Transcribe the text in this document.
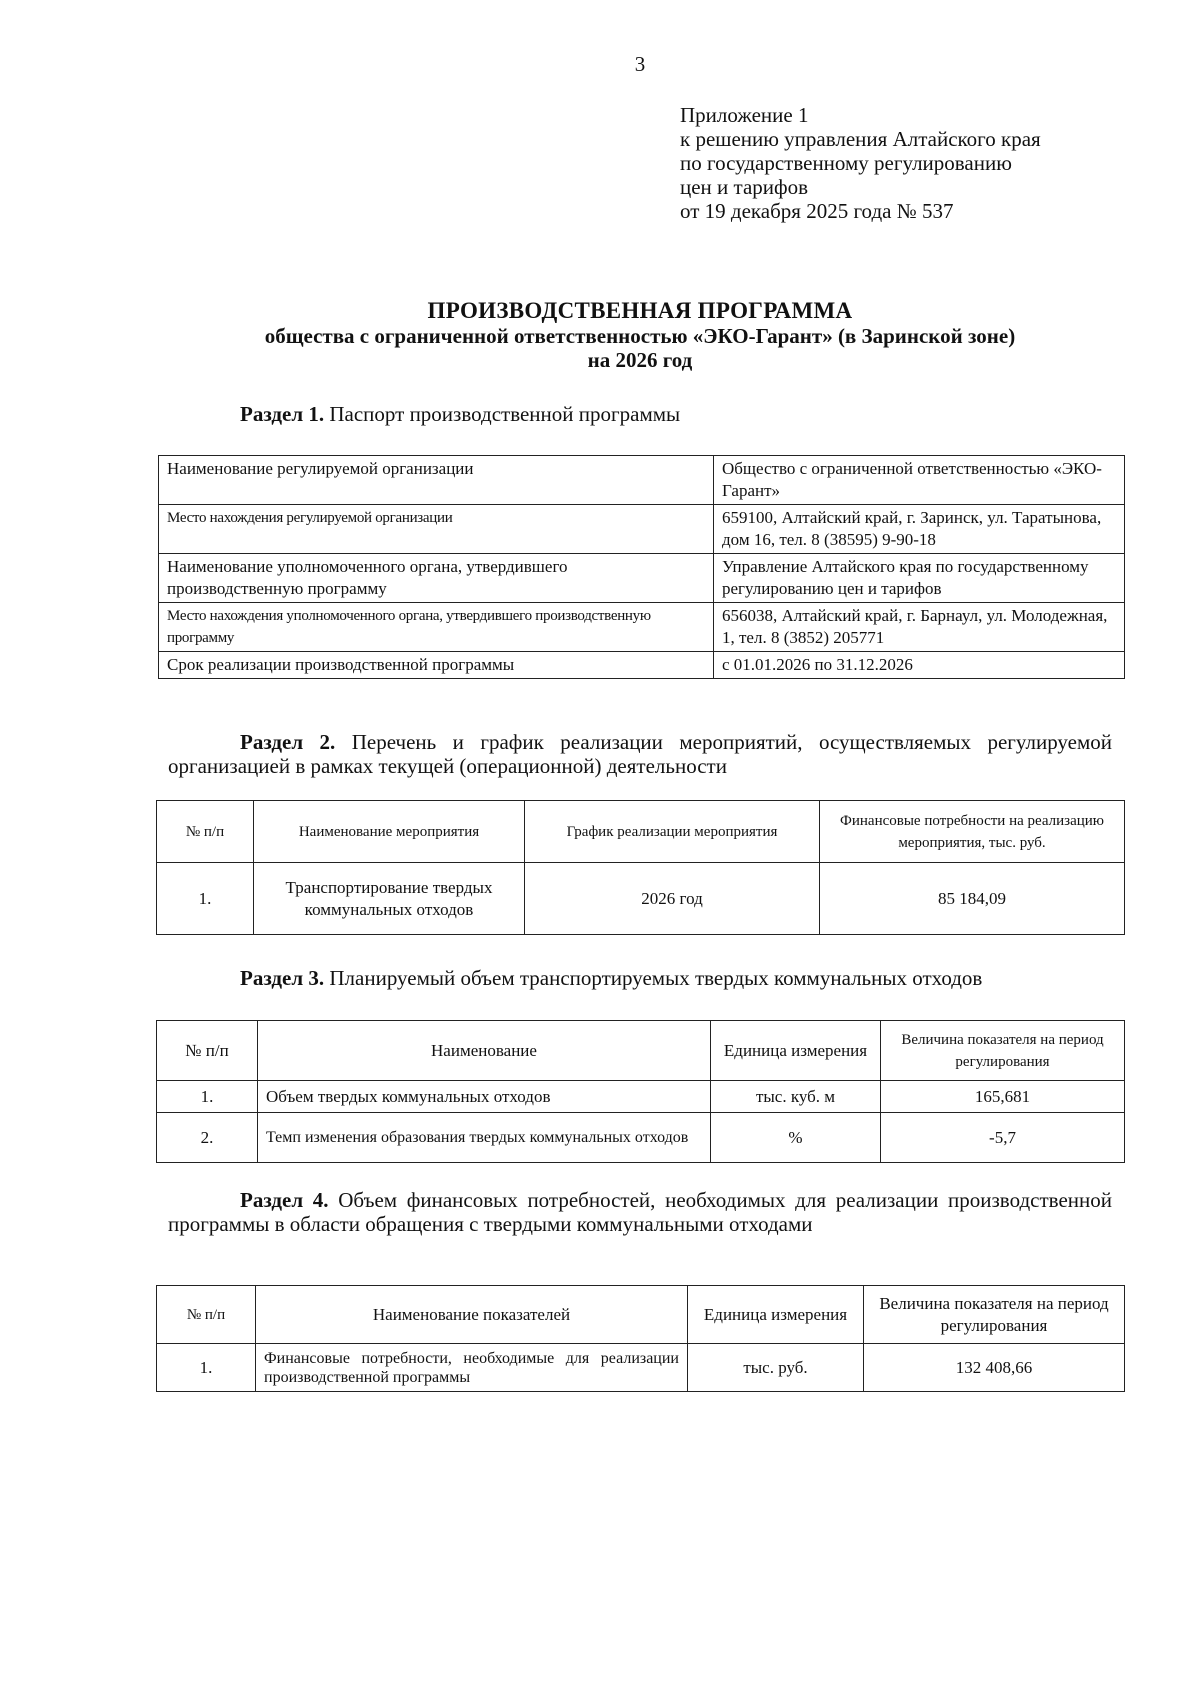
3
Приложение 1
к решению управления Алтайского края
по государственному регулированию
цен и тарифов
от 19 декабря 2025 года № 537
ПРОИЗВОДСТВЕННАЯ ПРОГРАММА
общества с ограниченной ответственностью «ЭКО-Гарант» (в Заринской зоне)
на 2026 год
Раздел 1. Паспорт производственной программы
Наименование регулируемой организации	Общество с ограниченной ответственностью «ЭКО-Гарант»
Место нахождения регулируемой организации	659100, Алтайский край, г. Заринск, ул. Таратынова, дом 16, тел. 8 (38595) 9-90-18
Наименование уполномоченного органа, утвердившего производственную программу	Управление Алтайского края по государственному регулированию цен и тарифов
Место нахождения уполномоченного органа, утвердившего производственную программу	656038, Алтайский край, г. Барнаул, ул. Молодежная, 1, тел. 8 (3852) 205771
Срок реализации производственной программы	с 01.01.2026 по 31.12.2026
Раздел 2. Перечень и график реализации мероприятий, осуществляемых регулируемой организацией в рамках текущей (операционной) деятельности
№ п/п	Наименование мероприятия	График реализации мероприятия	Финансовые потребности на реализацию мероприятия, тыс. руб.
1.	Транспортирование твердых коммунальных отходов	2026 год	85 184,09
Раздел 3. Планируемый объем транспортируемых твердых коммунальных отходов
№ п/п	Наименование	Единица измерения	Величина показателя на период регулирования
1.	Объем твердых коммунальных отходов	тыс. куб. м	165,681
2.	Темп изменения образования твердых коммунальных отходов	%	-5,7
Раздел 4. Объем финансовых потребностей, необходимых для реализации производственной программы в области обращения с твердыми коммунальными отходами
№ п/п	Наименование показателей	Единица измерения	Величина показателя на период регулирования
1.	Финансовые потребности, необходимые для реализации производственной программы	тыс. руб.	132 408,66
